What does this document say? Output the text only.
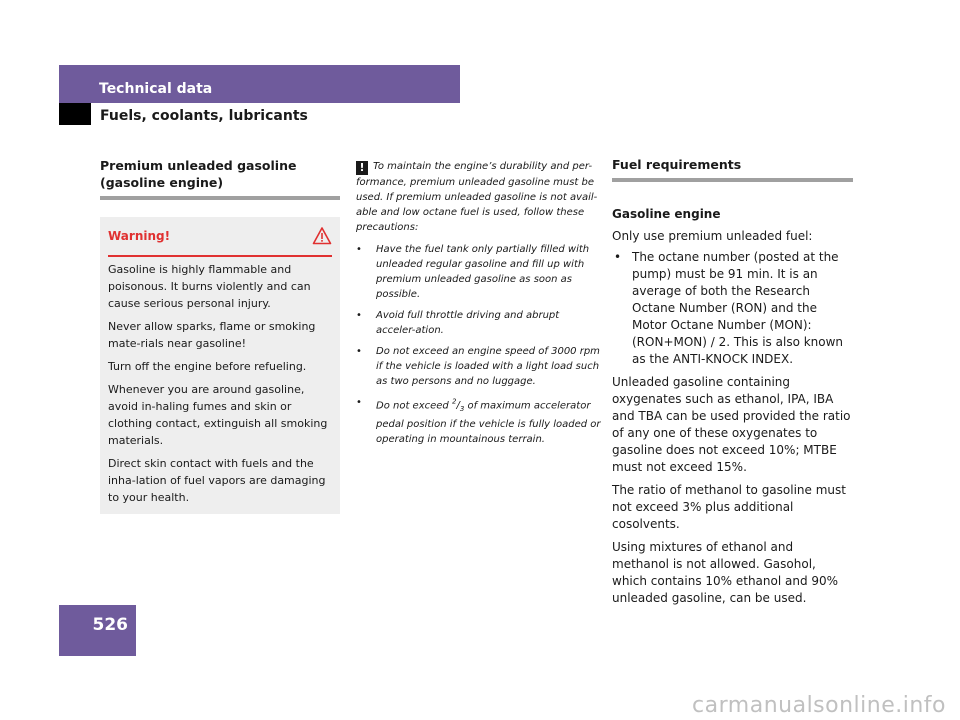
Technical data
Fuels, coolants, lubricants
Premium unleaded gasoline
(gasoline engine)
Warning!

Gasoline is highly flammable and poisonous. It burns violently and can cause serious personal injury.

Never allow sparks, flame or smoking mate-rials near gasoline!

Turn off the engine before refueling.

Whenever you are around gasoline, avoid in-haling fumes and skin or clothing contact, extinguish all smoking materials.

Direct skin contact with fuels and the inha-lation of fuel vapors are damaging to your health.

! To maintain the engine’s durability and per-formance, premium unleaded gasoline must be used. If premium unleaded gasoline is not avail-able and low octane fuel is used, follow these precautions:

• Have the fuel tank only partially filled with unleaded regular gasoline and fill up with premium unleaded gasoline as soon as possible.
• Avoid full throttle driving and abrupt acceler-ation.
• Do not exceed an engine speed of 3000 rpm if the vehicle is loaded with a light load such as two persons and no luggage.
• Do not exceed $^2/_3$ of maximum accelerator pedal position if the vehicle is fully loaded or operating in mountainous terrain.
Fuel requirements
Gasoline engine

Only use premium unleaded fuel:

• The octane number (posted at the pump) must be 91 min. It is an average of both the Research Octane Number (RON) and the Motor Octane Number (MON): (RON+MON) / 2. This is also known as the ANTI-KNOCK INDEX.

Unleaded gasoline containing oxygenates such as ethanol, IPA, IBA and TBA can be used provided the ratio of any one of these oxygenates to gasoline does not exceed 10%; MTBE must not exceed 15%.

The ratio of methanol to gasoline must not exceed 3% plus additional cosolvents.

Using mixtures of ethanol and methanol is not allowed. Gasohol, which contains 10% ethanol and 90% unleaded gasoline, can be used.

526
carmanualsonline.info
